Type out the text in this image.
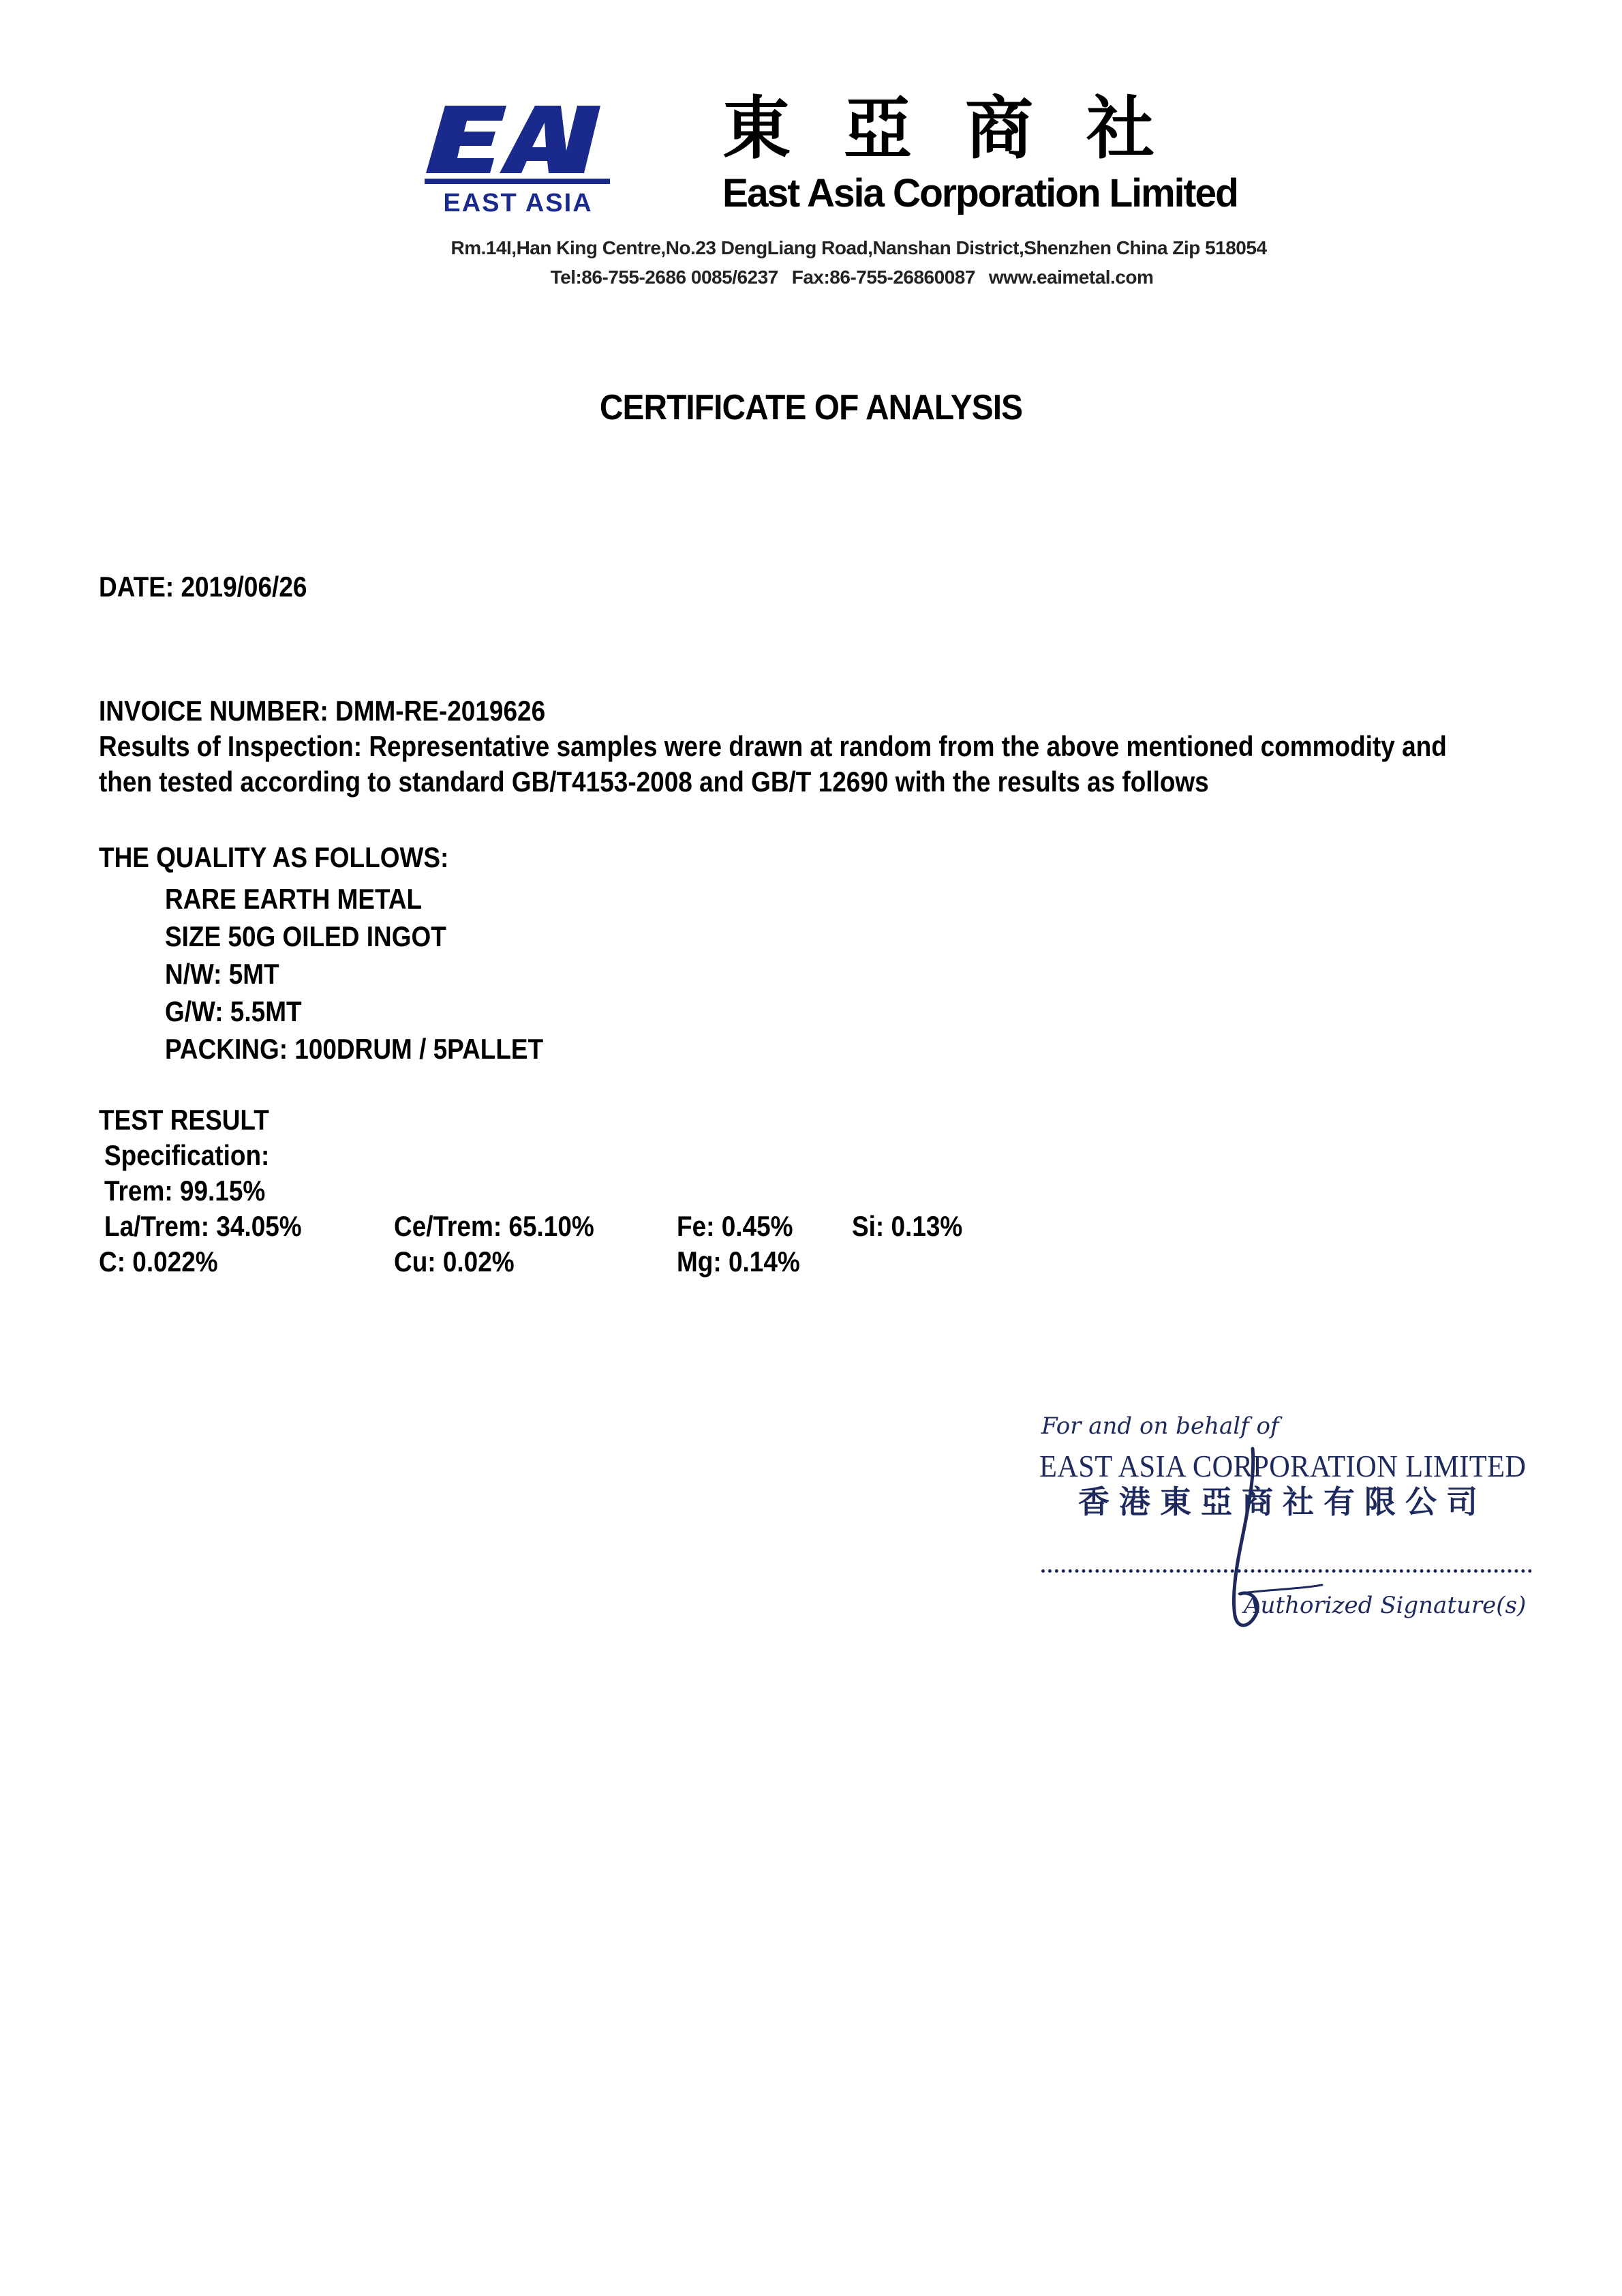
EAST ASIA
東亞商社
East Asia Corporation Limited
Rm.14I,Han King Centre,No.23 DengLiang Road,Nanshan District,Shenzhen China Zip 518054
Tel:86-755-2686 0085/6237 Fax:86-755-26860087 www.eaimetal.com
CERTIFICATE OF ANALYSIS
DATE: 2019/06/26
INVOICE NUMBER: DMM-RE-2019626
Results of Inspection: Representative samples were drawn at random from the above mentioned commodity and
then tested according to standard GB/T4153-2008 and GB/T 12690 with the results as follows
THE QUALITY AS FOLLOWS:
RARE EARTH METAL
SIZE 50G OILED INGOT
N/W: 5MT
G/W: 5.5MT
PACKING: 100DRUM / 5PALLET
TEST RESULT
Specification:
Trem: 99.15%
La/Trem: 34.05%	Ce/Trem: 65.10%	Fe: 0.45% Si: 0.13%
C: 0.022%	Cu: 0.02%	Mg: 0.14%
For and on behalf of
EAST ASIA CORPORATION LIMITED
香港東亞商社有限公司
Authorized Signature(s)
